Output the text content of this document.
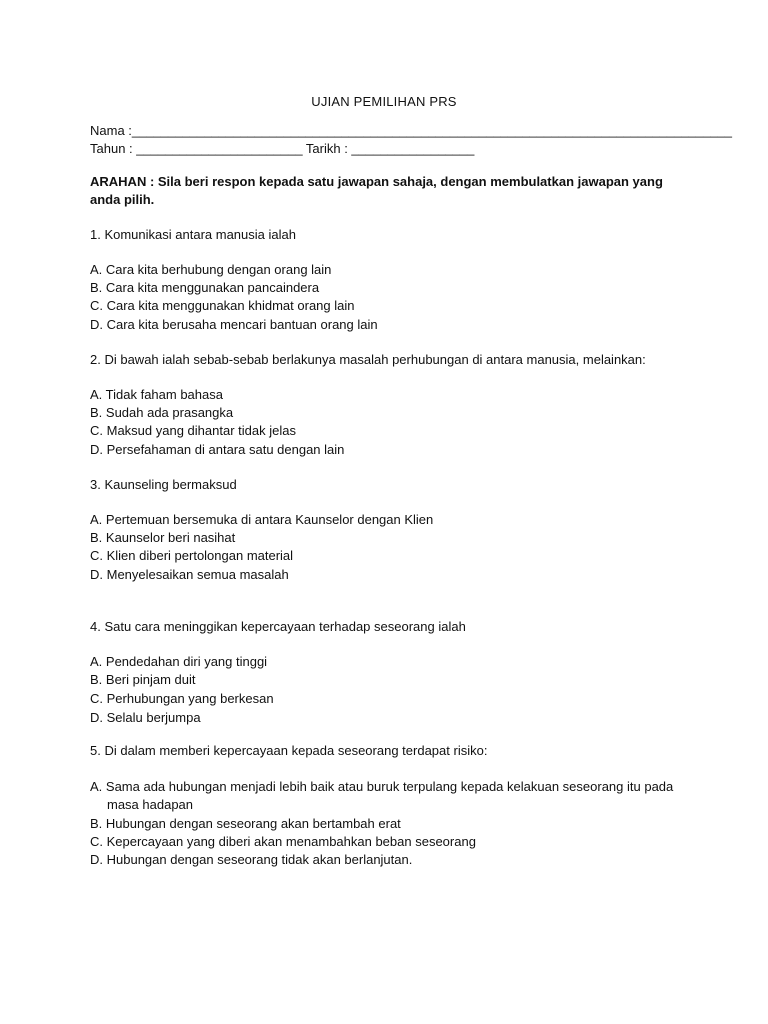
UJIAN PEMILIHAN PRS
Nama :___________________________________________________________________________________
Tahun : _______________________ Tarikh : _________________
ARAHAN : Sila beri respon kepada satu jawapan sahaja, dengan membulatkan jawapan yang anda pilih.
1. Komunikasi antara manusia ialah
A. Cara kita berhubung dengan orang lain
B. Cara kita menggunakan pancaindera
C. Cara kita menggunakan khidmat orang lain
D. Cara kita berusaha mencari bantuan orang lain
2. Di bawah ialah sebab-sebab berlakunya masalah perhubungan di antara manusia, melainkan:
A. Tidak faham bahasa
B. Sudah ada prasangka
C. Maksud yang dihantar tidak jelas
D. Persefahaman di antara satu dengan lain
3. Kaunseling bermaksud
A. Pertemuan bersemuka di antara Kaunselor dengan Klien
B. Kaunselor beri nasihat
C. Klien diberi pertolongan material
D. Menyelesaikan semua masalah
4. Satu cara meninggikan kepercayaan terhadap seseorang ialah
A. Pendedahan diri yang tinggi
B. Beri pinjam duit
C. Perhubungan yang berkesan
D. Selalu berjumpa
5. Di dalam memberi kepercayaan kepada seseorang terdapat risiko:
A. Sama ada hubungan menjadi lebih baik atau buruk terpulang kepada kelakuan seseorang itu pada
masa hadapan
B. Hubungan dengan seseorang akan bertambah erat
C. Kepercayaan yang diberi akan menambahkan beban seseorang
D. Hubungan dengan seseorang tidak akan berlanjutan.
